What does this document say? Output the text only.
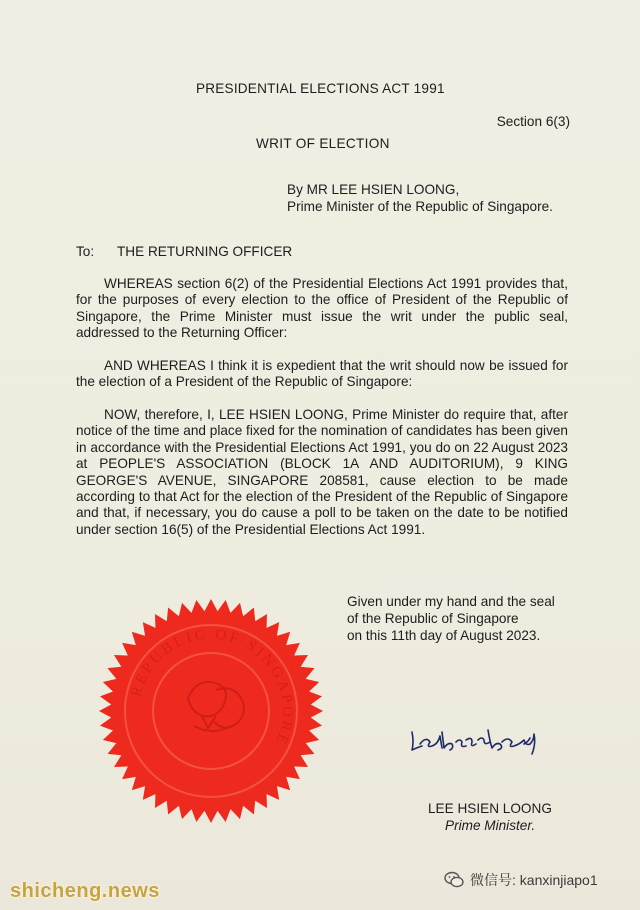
PRESIDENTIAL ELECTIONS ACT 1991
Section 6(3)
WRIT OF ELECTION
By MR LEE HSIEN LOONG,
Prime Minister of the Republic of Singapore.
To: THE RETURNING OFFICER

WHEREAS section 6(2) of the Presidential Elections Act 1991 provides that, for the purposes of every election to the office of President of the Republic of Singapore, the Prime Minister must issue the writ under the public seal, addressed to the Returning Officer:

AND WHEREAS I think it is expedient that the writ should now be issued for the election of a President of the Republic of Singapore:

NOW, therefore, I, LEE HSIEN LOONG, Prime Minister do require that, after notice of the time and place fixed for the nomination of candidates has been given in accordance with the Presidential Elections Act 1991, you do on 22 August 2023 at PEOPLE'S ASSOCIATION (BLOCK 1A AND AUDITORIUM), 9 KING GEORGE'S AVENUE, SINGAPORE 208581, cause election to be made according to that Act for the election of the President of the Republic of Singapore and that, if necessary, you do cause a poll to be taken on the date to be notified under section 16(5) of the Presidential Elections Act 1991.

Given under my hand and the seal
of the Republic of Singapore
on this 11th day of August 2023.
REPUBLIC OF SINGAPORE
LEE HSIEN LOONG
Prime Minister.
shicheng.news	微信号: kanxinjiapo1
